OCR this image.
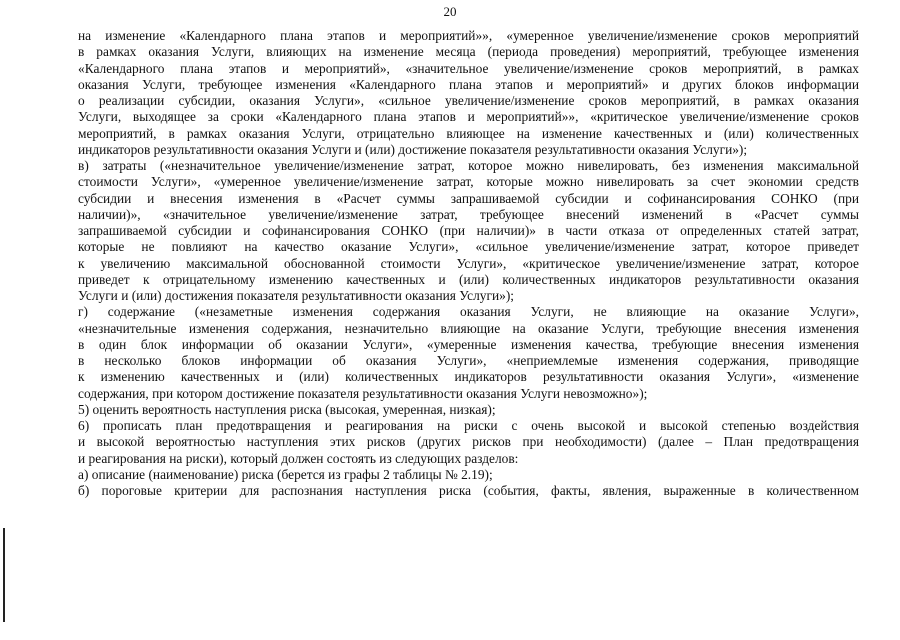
20
на изменение «Календарного плана этапов и мероприятий»», «умеренное увеличение/изменение сроков мероприятий
в рамках оказания Услуги, влияющих на изменение месяца (периода проведения) мероприятий, требующее изменения
«Календарного плана этапов и мероприятий», «значительное увеличение/изменение сроков мероприятий, в рамках
оказания Услуги, требующее изменения «Календарного плана этапов и мероприятий» и других блоков информации
о реализации субсидии, оказания Услуги», «сильное увеличение/изменение сроков мероприятий, в рамках оказания
Услуги, выходящее за сроки «Календарного плана этапов и мероприятий»», «критическое увеличение/изменение сроков
мероприятий, в рамках оказания Услуги, отрицательно влияющее на изменение качественных и (или) количественных
индикаторов результативности оказания Услуги и (или) достижение показателя результативности оказания Услуги»);
в) затраты («незначительное увеличение/изменение затрат, которое можно нивелировать, без изменения максимальной
стоимости Услуги», «умеренное увеличение/изменение затрат, которые можно нивелировать за счет экономии средств
субсидии и внесения изменения в «Расчет суммы запрашиваемой субсидии и софинансирования СОНКО (при
наличии)», «значительное увеличение/изменение затрат, требующее внесений изменений в «Расчет суммы
запрашиваемой субсидии и софинансирования СОНКО (при наличии)» в части отказа от определенных статей затрат,
которые не повлияют на качество оказание Услуги», «сильное увеличение/изменение затрат, которое приведет
к увеличению максимальной обоснованной стоимости Услуги», «критическое увеличение/изменение затрат, которое
приведет к отрицательному изменению качественных и (или) количественных индикаторов результативности оказания
Услуги и (или) достижения показателя результативности оказания Услуги»);
г) содержание («незаметные изменения содержания оказания Услуги, не влияющие на оказание Услуги»,
«незначительные изменения содержания, незначительно влияющие на оказание Услуги, требующие внесения изменения
в один блок информации об оказании Услуги», «умеренные изменения качества, требующие внесения изменения
в несколько блоков информации об оказания Услуги», «неприемлемые изменения содержания, приводящие
к изменению качественных и (или) количественных индикаторов результативности оказания Услуги», «изменение
содержания, при котором достижение показателя результативности оказания Услуги невозможно»);
5) оценить вероятность наступления риска (высокая, умеренная, низкая);
6) прописать план предотвращения и реагирования на риски с очень высокой и высокой степенью воздействия
и высокой вероятностью наступления этих рисков (других рисков при необходимости) (далее – План предотвращения
и реагирования на риски), который должен состоять из следующих разделов:
а) описание (наименование) риска (берется из графы 2 таблицы № 2.19);
б) пороговые критерии для распознания наступления риска (события, факты, явления, выраженные в количественном
